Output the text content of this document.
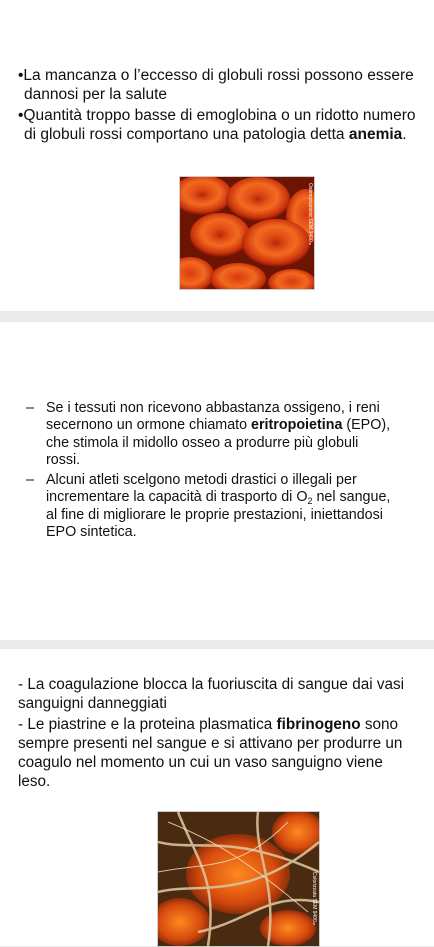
•La mancanza o l’eccesso di globuli rossi possono essere dannosi per la salute
•Quantità troppo basse di emoglobina o un ridotto numero di globuli rossi comportano una patologia detta anemia.
Ostemorazione SEM 3400×
– Se i tessuti non ricevono abbastanza ossigeno, i reni secernono un ormone chiamato eritropoietina (EPO), che stimola il midollo osseo a produrre più globuli rossi.
– Alcuni atleti scelgono metodi drastici o illegali per incrementare la capacità di trasporto di $O_2$ nel sangue, al fine di migliorare le proprie prestazioni, iniettandosi EPO sintetica.

- La coagulazione blocca la fuoriuscita di sangue dai vasi sanguigni danneggiati

- Le piastrine e la proteina plasmatica fibrinogeno sono sempre presenti nel sangue e si attivano per produrre un coagulo nel momento un cui un vaso sanguigno viene leso.

Colorizzata SEM 9400×
